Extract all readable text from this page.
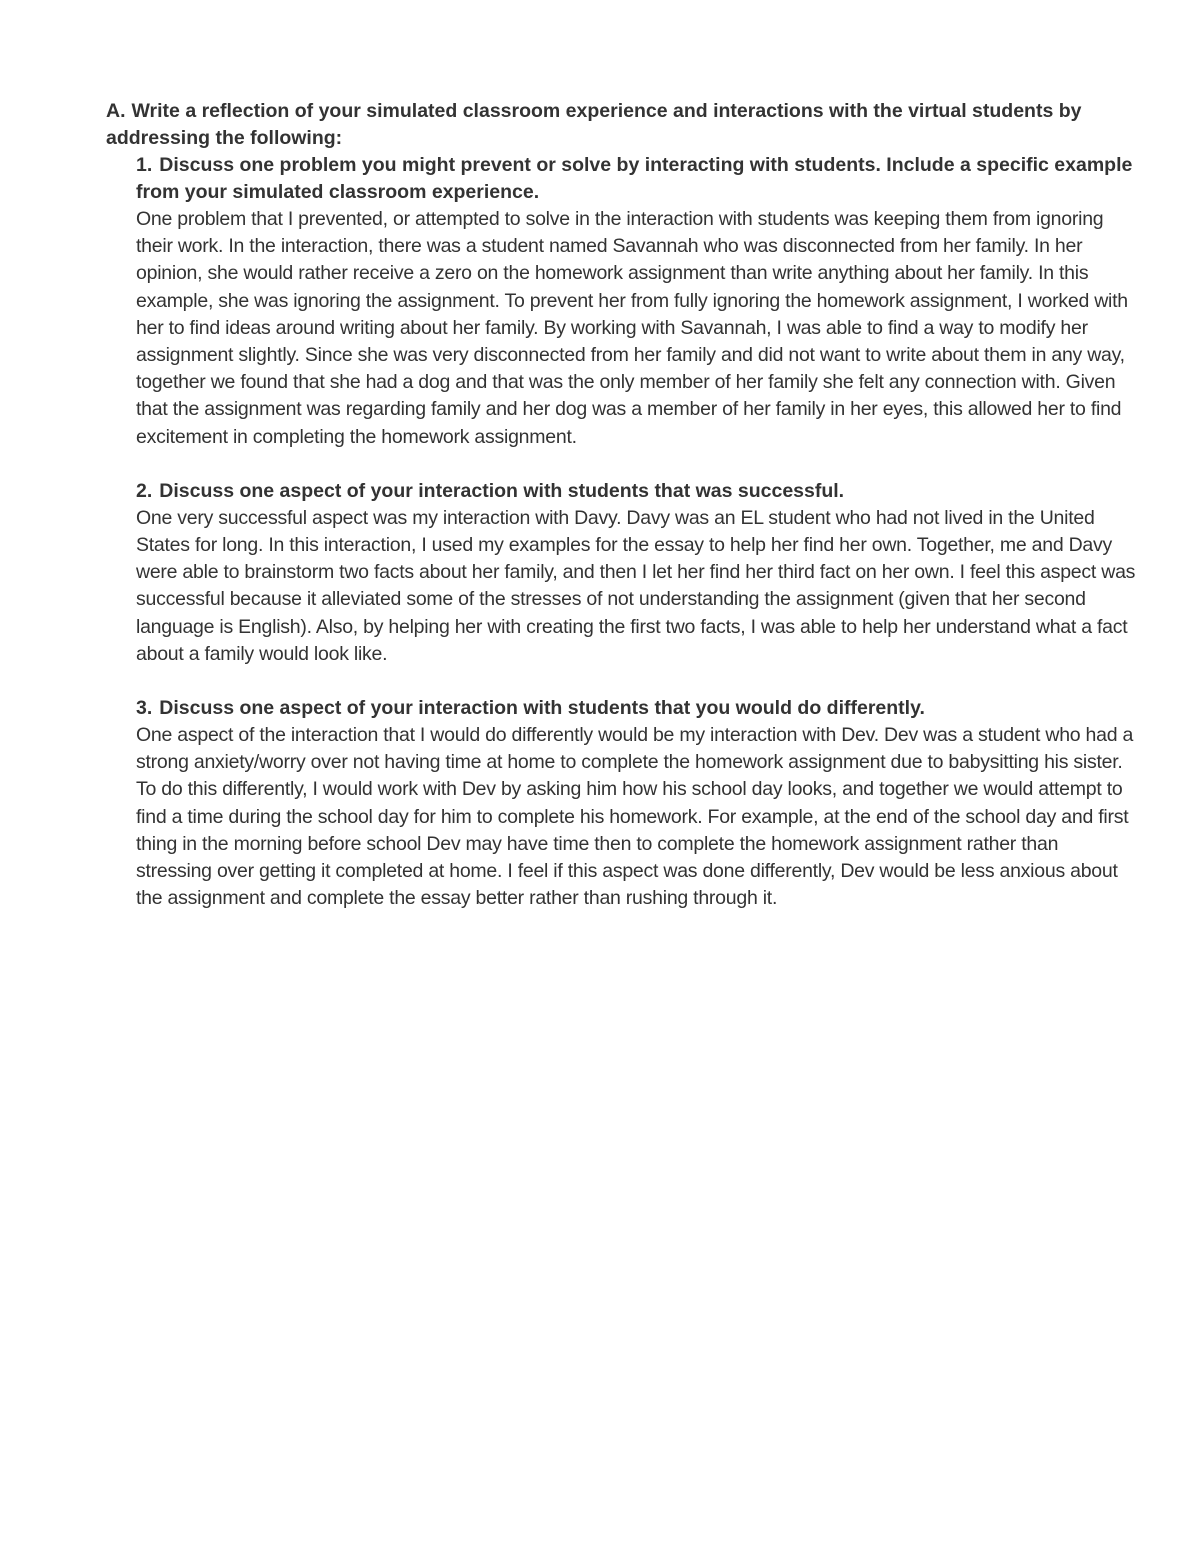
A. Write a reflection of your simulated classroom experience and interactions with the virtual students by addressing the following:

1. Discuss one problem you might prevent or solve by interacting with students. Include a specific example from your simulated classroom experience.

One problem that I prevented, or attempted to solve in the interaction with students was keeping them from ignoring their work. In the interaction, there was a student named Savannah who was disconnected from her family. In her opinion, she would rather receive a zero on the homework assignment than write anything about her family. In this example, she was ignoring the assignment. To prevent her from fully ignoring the homework assignment, I worked with her to find ideas around writing about her family. By working with Savannah, I was able to find a way to modify her assignment slightly. Since she was very disconnected from her family and did not want to write about them in any way, together we found that she had a dog and that was the only member of her family she felt any connection with. Given that the assignment was regarding family and her dog was a member of her family in her eyes, this allowed her to find excitement in completing the homework assignment.

2. Discuss one aspect of your interaction with students that was successful.

One very successful aspect was my interaction with Davy. Davy was an EL student who had not lived in the United States for long. In this interaction, I used my examples for the essay to help her find her own. Together, me and Davy were able to brainstorm two facts about her family, and then I let her find her third fact on her own. I feel this aspect was successful because it alleviated some of the stresses of not understanding the assignment (given that her second language is English). Also, by helping her with creating the first two facts, I was able to help her understand what a fact about a family would look like.

3. Discuss one aspect of your interaction with students that you would do differently.

One aspect of the interaction that I would do differently would be my interaction with Dev. Dev was a student who had a strong anxiety/worry over not having time at home to complete the homework assignment due to babysitting his sister. To do this differently, I would work with Dev by asking him how his school day looks, and together we would attempt to find a time during the school day for him to complete his homework. For example, at the end of the school day and first thing in the morning before school Dev may have time then to complete the homework assignment rather than stressing over getting it completed at home. I feel if this aspect was done differently, Dev would be less anxious about the assignment and complete the essay better rather than rushing through it.
